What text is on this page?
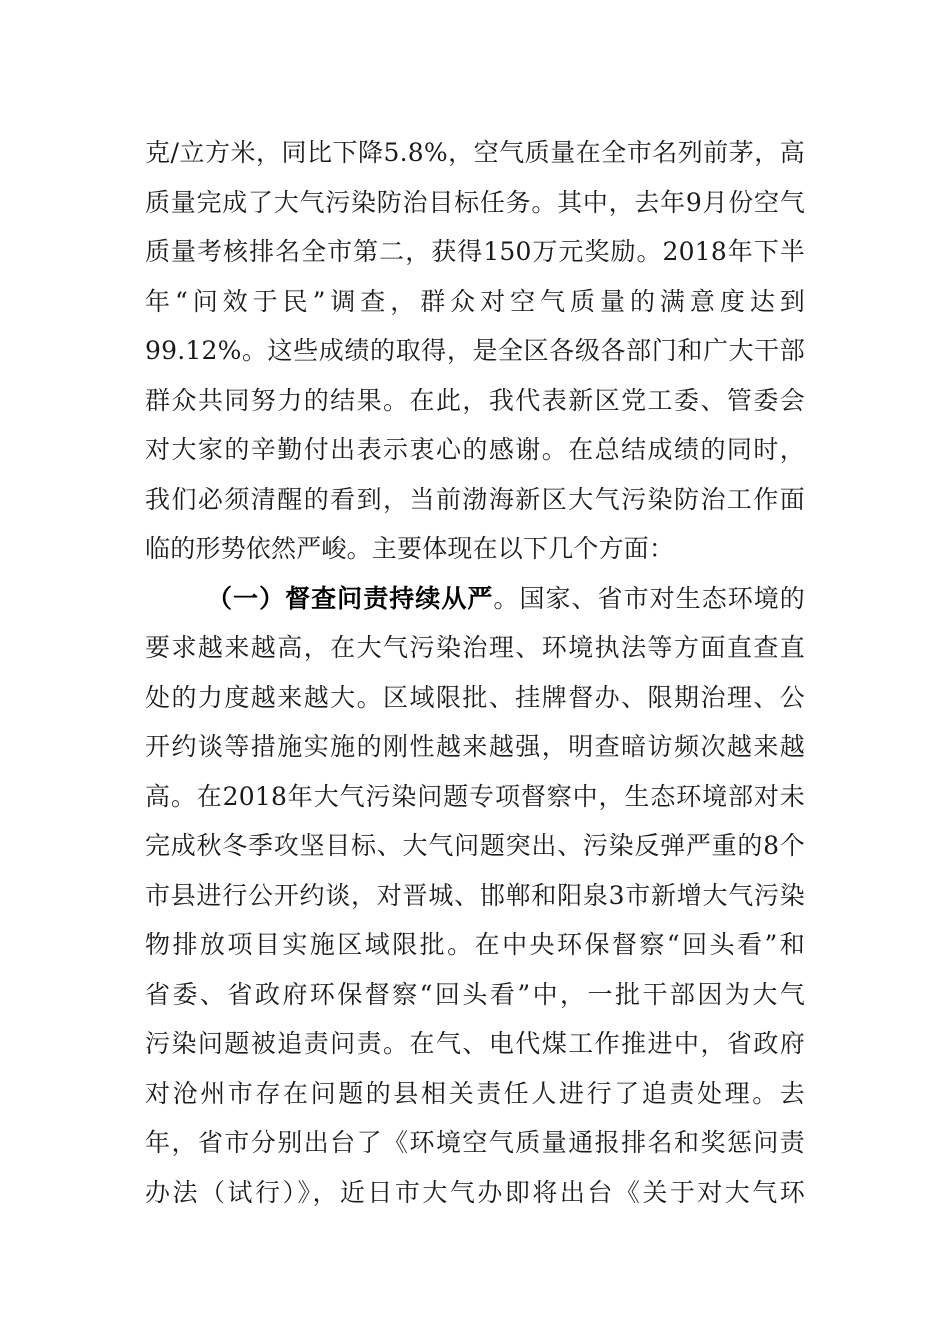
克/立方米，同比下降5.8%，空气质量在全市名列前茅，高
质量完成了大气污染防治目标任务。其中，去年9月份空气
质量考核排名全市第二，获得150万元奖励。2018年下半
年“问效于民”调查，群众对空气质量的满意度达到
99.12%。这些成绩的取得，是全区各级各部门和广大干部
群众共同努力的结果。在此，我代表新区党工委、管委会
对大家的辛勤付出表示衷心的感谢。在总结成绩的同时，
我们必须清醒的看到，当前渤海新区大气污染防治工作面
临的形势依然严峻。主要体现在以下几个方面：
（一）督查问责持续从严。国家、省市对生态环境的
要求越来越高，在大气污染治理、环境执法等方面直查直
处的力度越来越大。区域限批、挂牌督办、限期治理、公
开约谈等措施实施的刚性越来越强，明查暗访频次越来越
高。在2018年大气污染问题专项督察中，生态环境部对未
完成秋冬季攻坚目标、大气问题突出、污染反弹严重的8个
市县进行公开约谈，对晋城、邯郸和阳泉3市新增大气污染
物排放项目实施区域限批。在中央环保督察“回头看”和
省委、省政府环保督察“回头看”中，一批干部因为大气
污染问题被追责问责。在气、电代煤工作推进中，省政府
对沧州市存在问题的县相关责任人进行了追责处理。去
年，省市分别出台了《环境空气质量通报排名和奖惩问责
办法（试行）》，近日市大气办即将出台《关于对大气环
